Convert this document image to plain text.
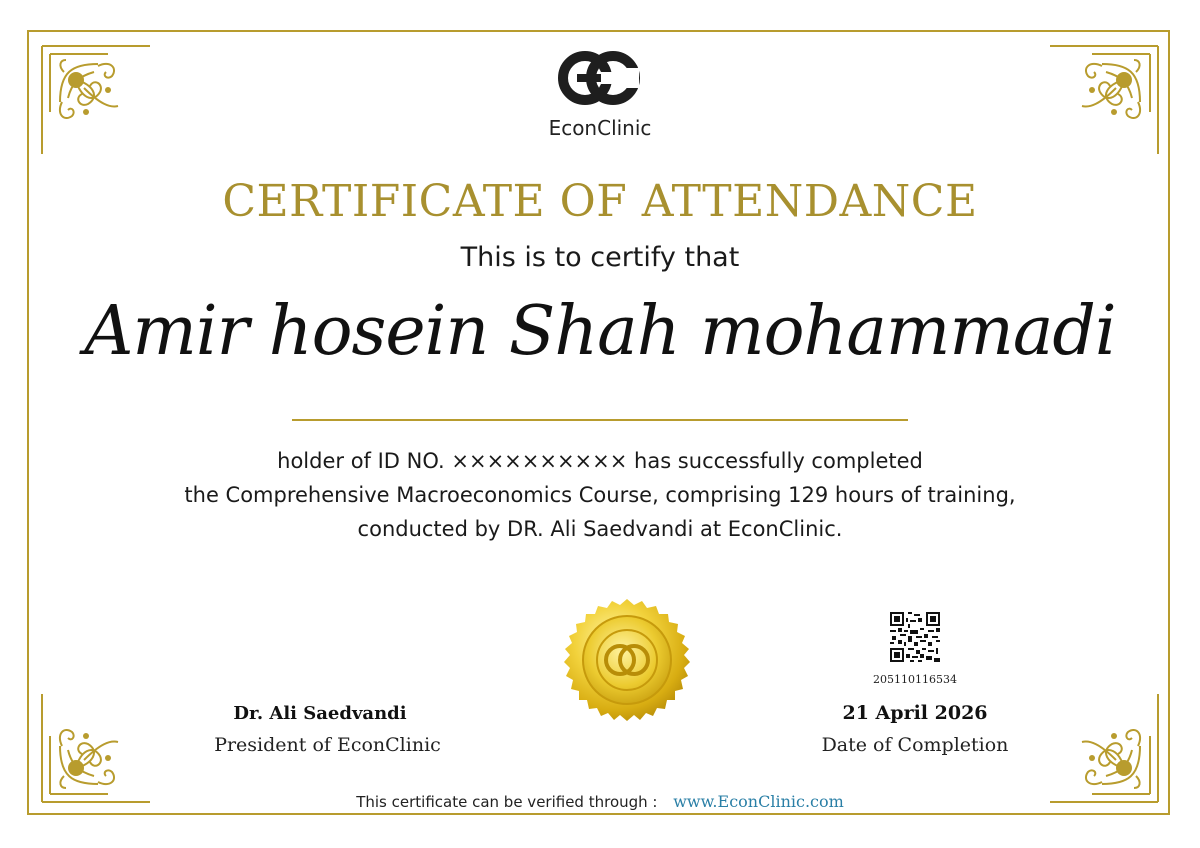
EconClinic
CERTIFICATE OF ATTENDANCE
This is to certify that
Amir hosein Shah mohammadi
holder of ID NO. ×××××××××× has successfully completed
the Comprehensive Macroeconomics Course, comprising 129 hours of training,
conducted by DR. Ali Saedvandi at EconClinic.
205110116534
Dr. Ali Saedvandi
President of EconClinic
21 April 2026
Date of Completion
This certificate can be verified through : www.EconClinic.com
